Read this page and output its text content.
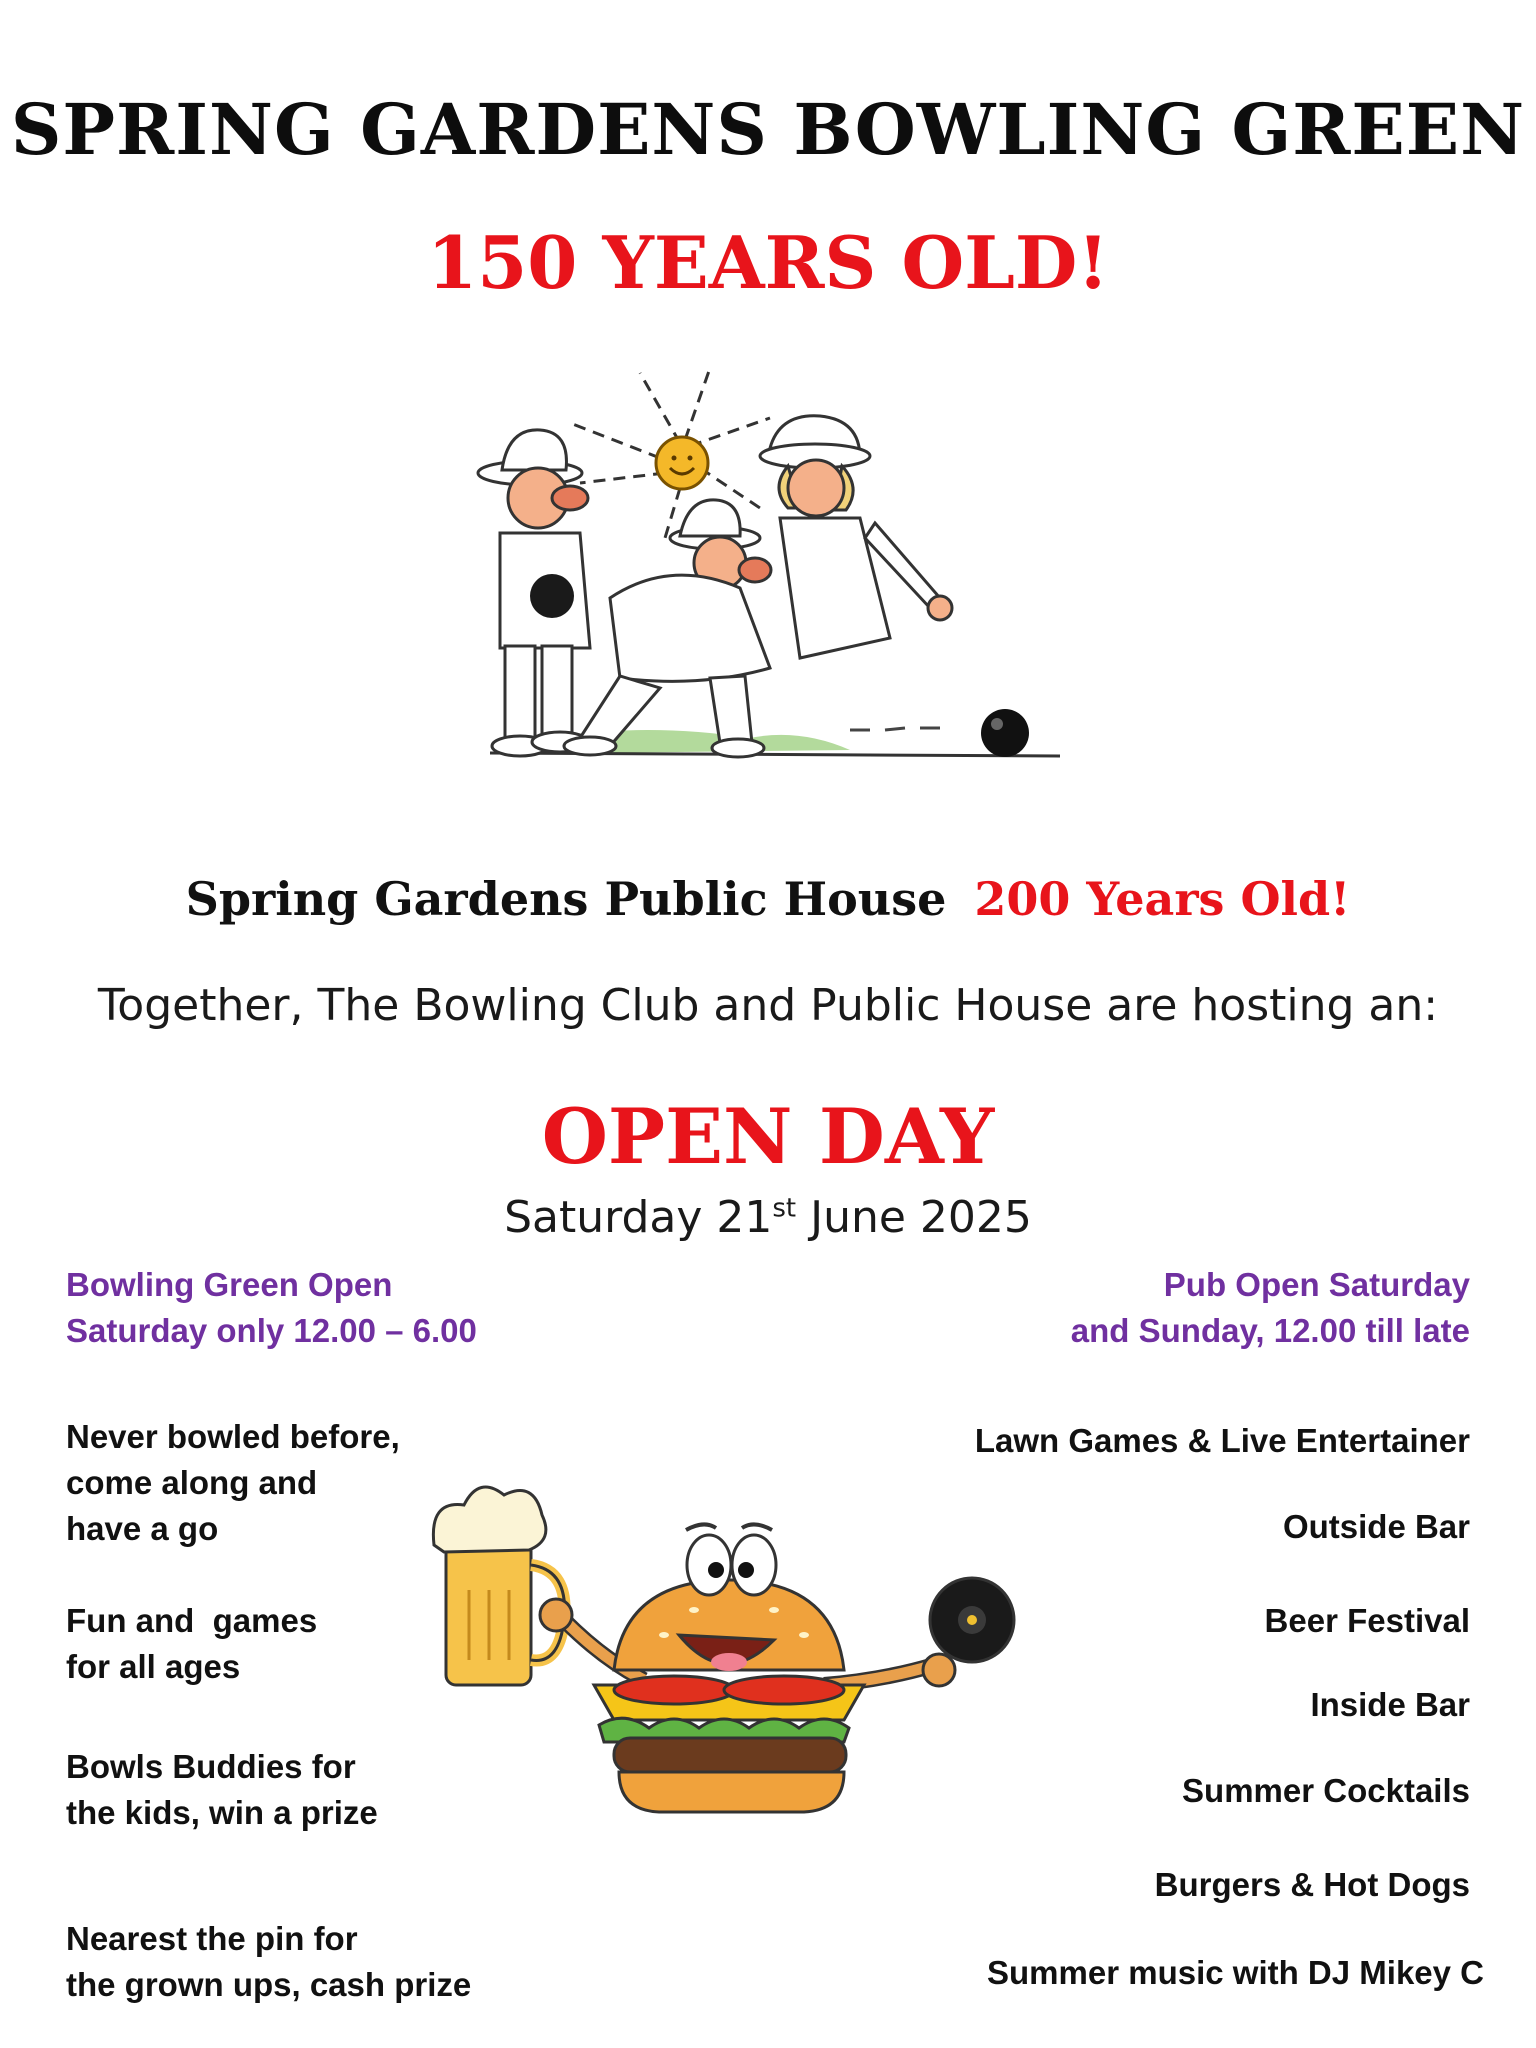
SPRING GARDENS BOWLING GREEN
150 YEARS OLD!
Spring Gardens Public House 200 Years Old!
Together, The Bowling Club and Public House are hosting an:
OPEN DAY
Saturday 21st June 2025
Bowling Green Open
Saturday only 12.00 – 6.00
Pub Open Saturday
and Sunday, 12.00 till late
Never bowled before,
come along and
have a go
Fun and  games
for all ages
Bowls Buddies for
the kids, win a prize
Nearest the pin for
the grown ups, cash prize
Lawn Games & Live Entertainer
Outside Bar
Beer Festival
Inside Bar
Summer Cocktails
Burgers & Hot Dogs
Summer music with DJ Mikey C
